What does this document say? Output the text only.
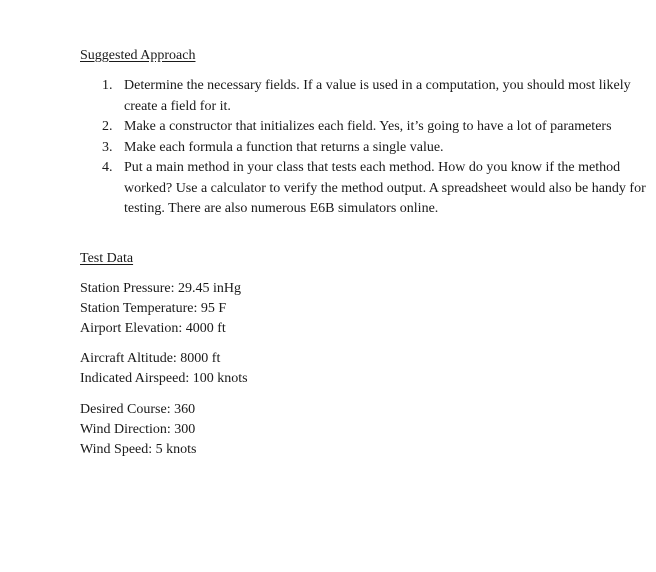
Suggested Approach
1. Determine the necessary fields. If a value is used in a computation, you should most likely create a field for it.
2. Make a constructor that initializes each field. Yes, it’s going to have a lot of parameters
3. Make each formula a function that returns a single value.
4. Put a main method in your class that tests each method. How do you know if the method worked? Use a calculator to verify the method output. A spreadsheet would also be handy for testing. There are also numerous E6B simulators online.
Test Data
Station Pressure: 29.45 inHg
Station Temperature: 95 F
Airport Elevation: 4000 ft
Aircraft Altitude: 8000 ft
Indicated Airspeed: 100 knots
Desired Course: 360
Wind Direction: 300
Wind Speed: 5 knots
